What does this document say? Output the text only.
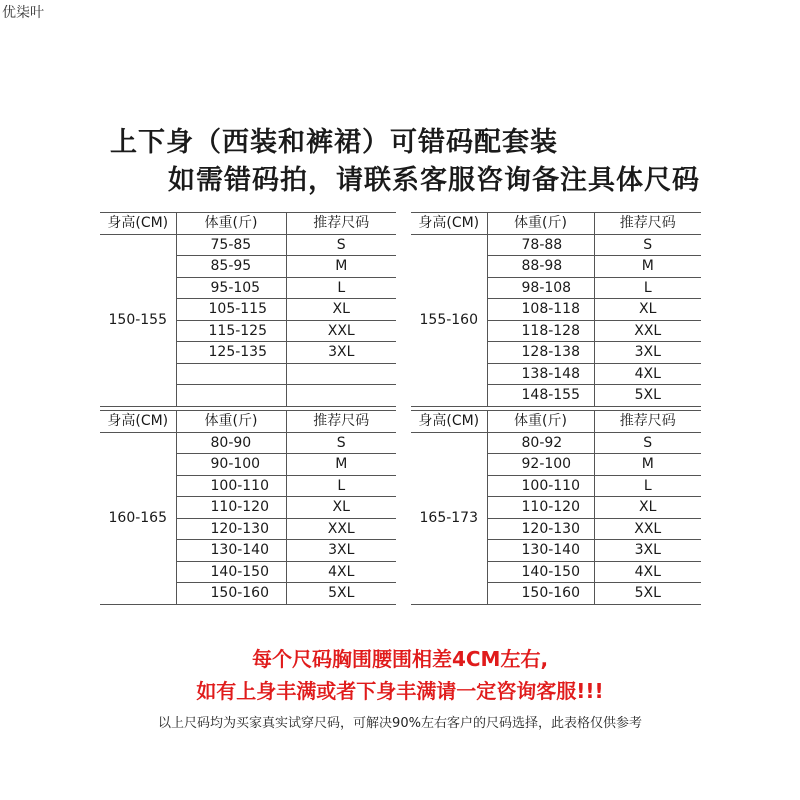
优柒叶
上下身（西装和裤裙）可错码配套装
如需错码拍，请联系客服咨询备注具体尺码
身高(CM)	体重(斤)	推荐尺码
150-155	75-85	S
	85-95	M
	95-105	L
	105-115	XL
	115-125	XXL
	125-135	3XL

身高(CM)	体重(斤)	推荐尺码
155-160	78-88	S
	88-98	M
	98-108	L
	108-118	XL
	118-128	XXL
	128-138	3XL
	138-148	4XL
	148-155	5XL
身高(CM)	体重(斤)	推荐尺码
160-165	80-90	S
	90-100	M
	100-110	L
	110-120	XL
	120-130	XXL
	130-140	3XL
	140-150	4XL
	150-160	5XL
身高(CM)	体重(斤)	推荐尺码
165-173	80-92	S
	92-100	M
	100-110	L
	110-120	XL
	120-130	XXL
	130-140	3XL
	140-150	4XL
	150-160	5XL
每个尺码胸围腰围相差4CM左右,
如有上身丰满或者下身丰满请一定咨询客服!!!
以上尺码均为买家真实试穿尺码，可解决90%左右客户的尺码选择，此表格仅供参考
